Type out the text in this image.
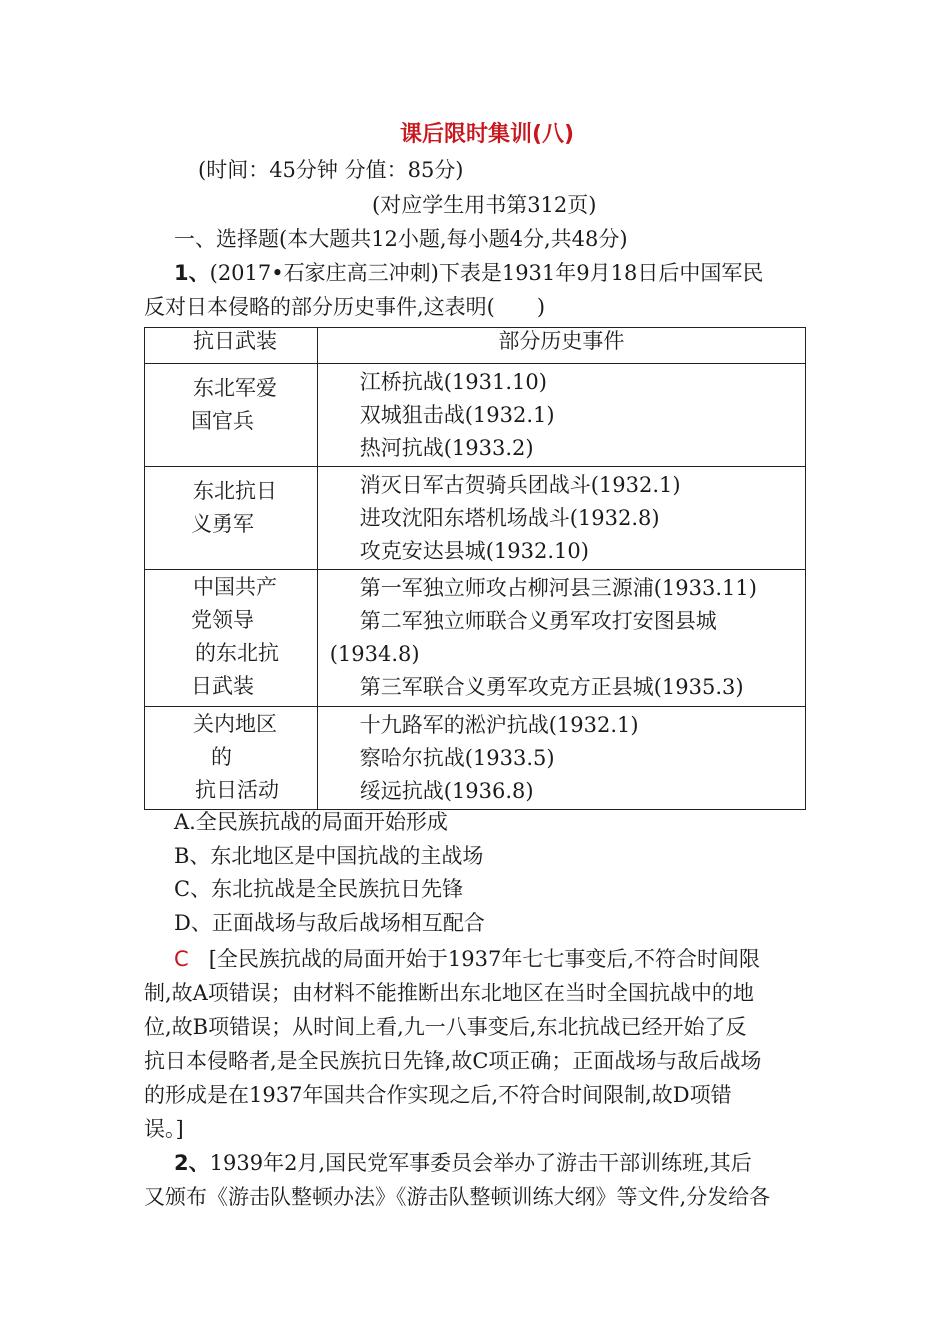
课后限时集训(八)
(时间：45分钟 分值：85分)
(对应学生用书第312页)
一、选择题(本大题共12小题,每小题4分,共48分)
1、(2017•石家庄高三冲刺)下表是1931年9月18日后中国军民
反对日本侵略的部分历史事件,这表明(　　)
抗日武装	部分历史事件

东北军爱
国官兵	江桥抗战(1931.10)
双城狙击战(1932.1)
热河抗战(1933.2)

东北抗日
义勇军	消灭日军古贺骑兵团战斗(1932.1)
进攻沈阳东塔机场战斗(1932.8)
攻克安达县城(1932.10)

中国共产
党领导
的东北抗
日武装	第一军独立师攻占柳河县三源浦(1933.11)
第二军独立师联合义勇军攻打安图县城
(1934.8)
第三军联合义勇军攻克方正县城(1935.3)

关内地区
的
抗日活动	十九路军的淞沪抗战(1932.1)
察哈尔抗战(1933.5)
绥远抗战(1936.8)
A.全民族抗战的局面开始形成
B、东北地区是中国抗战的主战场
C、东北抗战是全民族抗日先锋
D、正面战场与敌后战场相互配合

C [全民族抗战的局面开始于1937年七七事变后,不符合时间限

制,故A项错误；由材料不能推断出东北地区在当时全国抗战中的地

位,故B项错误；从时间上看,九一八事变后,东北抗战已经开始了反

抗日本侵略者,是全民族抗日先锋,故C项正确；正面战场与敌后战场

的形成是在1937年国共合作实现之后,不符合时间限制,故D项错

误。]

2、1939年2月,国民党军事委员会举办了游击干部训练班,其后

又颁布《游击队整顿办法》《游击队整顿训练大纲》等文件,分发给各
